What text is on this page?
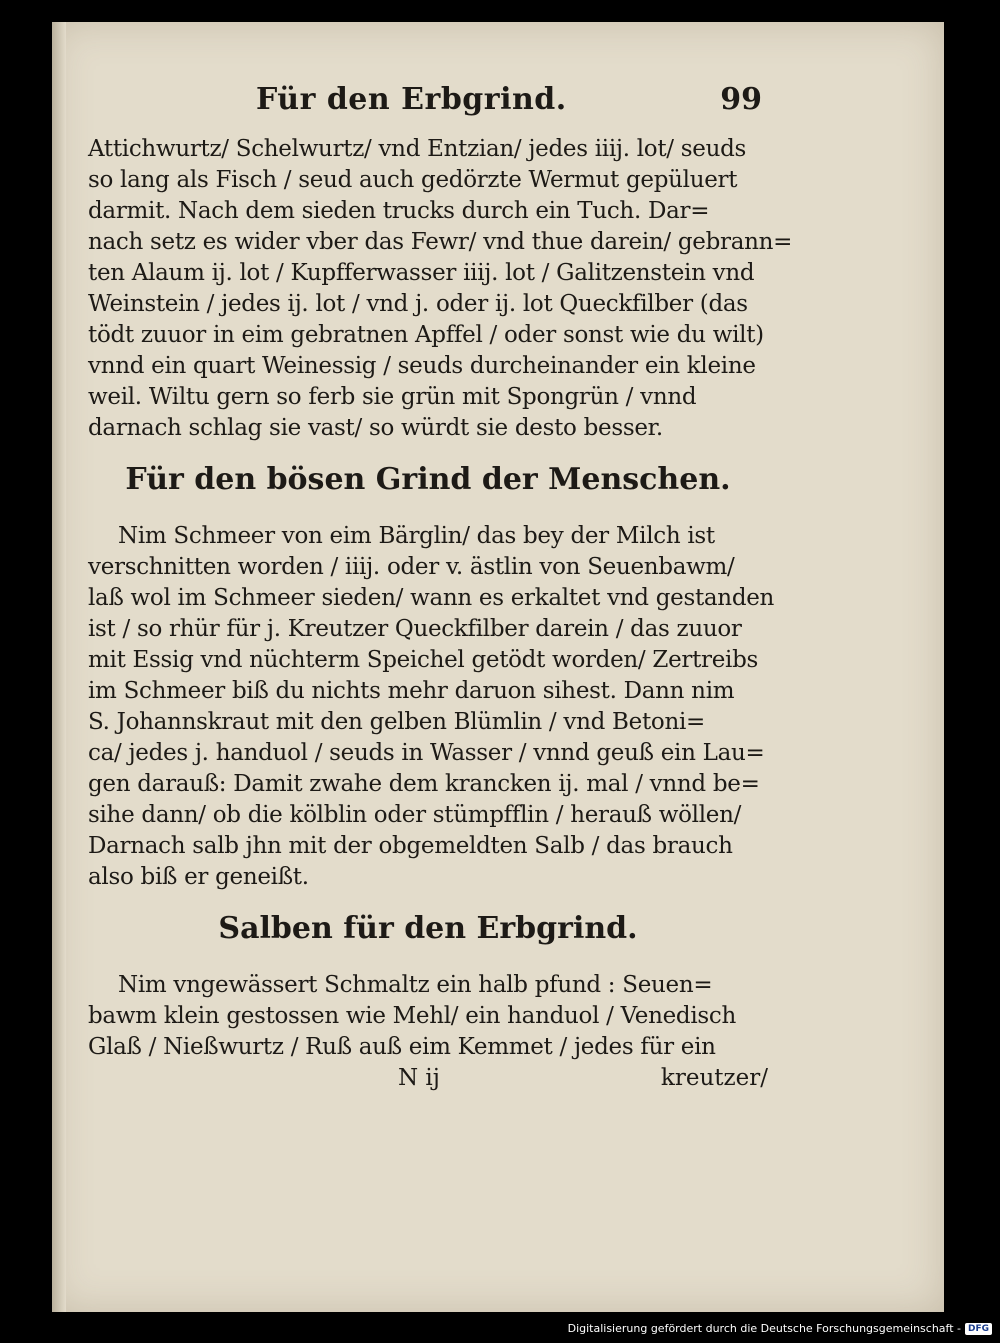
Für den Erbgrind.	99
Attichwurtz/ Schelwurtz/ vnd Entzian/ jedes iiij. lot/ seuds
so lang als Fisch / seud auch gedörzte Wermut gepüluert
darmit. Nach dem sieden trucks durch ein Tuch. Dar=
nach setz es wider vber das Fewr/ vnd thue darein/ gebrann=
ten Alaum ij. lot / Kupfferwasser iiij. lot / Galitzenstein vnd
Weinstein / jedes ij. lot / vnd j. oder ij. lot Queckfilber (das
tödt zuuor in eim gebratnen Apffel / oder sonst wie du wilt)
vnnd ein quart Weinessig / seuds durcheinander ein kleine
weil. Wiltu gern so ferb sie grün mit Spongrün / vnnd
darnach schlag sie vast/ so würdt sie desto besser.
Für den bösen Grind der Menschen.
Nim Schmeer von eim Bärglin/ das bey der Milch ist
verschnitten worden / iiij. oder v. ästlin von Seuenbawm/
laß wol im Schmeer sieden/ wann es erkaltet vnd gestanden
ist / so rhür für j. Kreutzer Queckfilber darein / das zuuor
mit Essig vnd nüchterm Speichel getödt worden/ Zertreibs
im Schmeer biß du nichts mehr daruon sihest. Dann nim
S. Johannskraut mit den gelben Blümlin / vnd Betoni=
ca/ jedes j. handuol / seuds in Wasser / vnnd geuß ein Lau=
gen darauß: Damit zwahe dem krancken ij. mal / vnnd be=
sihe dann/ ob die kölblin oder stümpfflin / herauß wöllen/
Darnach salb jhn mit der obgemeldten Salb / das brauch
also biß er geneißt.
Salben für den Erbgrind.
Nim vngewässert Schmaltz ein halb pfund : Seuen=
bawm klein gestossen wie Mehl/ ein handuol / Venedisch
Glaß / Nießwurtz / Ruß auß eim Kemmet / jedes für ein
N ij	kreutzer/
Digitalisierung gefördert durch die Deutsche Forschungsgemeinschaft - DFG
